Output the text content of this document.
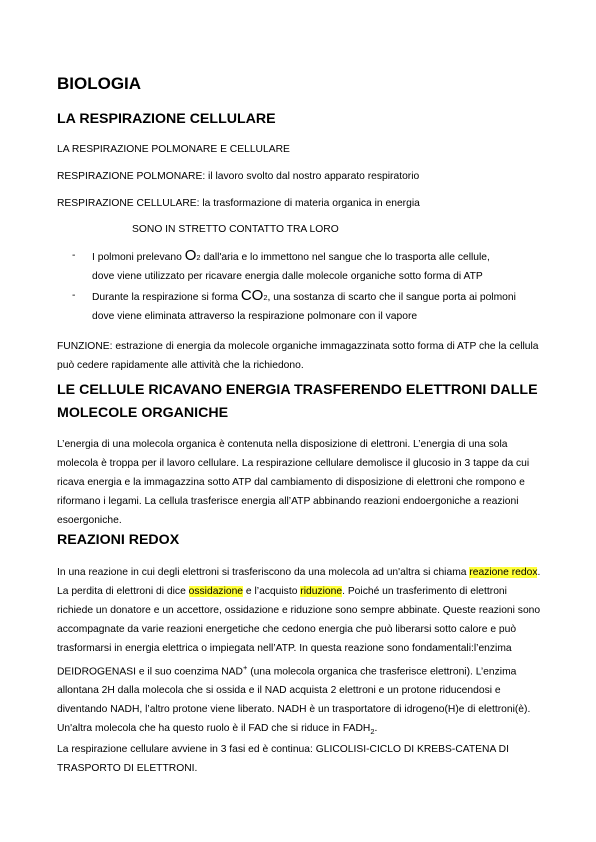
BIOLOGIA
LA RESPIRAZIONE CELLULARE
LA RESPIRAZIONE POLMONARE E CELLULARE
RESPIRAZIONE POLMONARE: il lavoro svolto dal nostro apparato respiratorio
RESPIRAZIONE CELLULARE: la trasformazione di materia organica in energia
SONO IN STRETTO CONTATTO TRA LORO
- I polmoni prelevano O2 dall'aria e lo immettono nel sangue che lo trasporta alle cellule,
dove viene utilizzato per ricavare energia dalle molecole organiche sotto forma di ATP
- Durante la respirazione si forma CO2, una sostanza di scarto che il sangue porta ai polmoni
dove viene eliminata attraverso la respirazione polmonare con il vapore

FUNZIONE: estrazione di energia da molecole organiche immagazzinata sotto forma di ATP che la cellula può cedere rapidamente alle attività che la richiedono.

LE CELLULE RICAVANO ENERGIA TRASFERENDO ELETTRONI DALLE
MOLECOLE ORGANICHE

L’energia di una molecola organica è contenuta nella disposizione di elettroni. L’energia di una sola molecola è troppa per il lavoro cellulare. La respirazione cellulare demolisce il glucosio in 3 tappe da cui ricava energia e la immagazzina sotto ATP dal cambiamento di disposizione di elettroni che rompono e riformano i legami. La cellula trasferisce energia all’ATP abbinando reazioni endoergoniche a reazioni esoergoniche.

REAZIONI REDOX

In una reazione in cui degli elettroni si trasferiscono da una molecola ad un'altra si chiama reazione redox. La perdita di elettroni di dice ossidazione e l’acquisto riduzione. Poiché un trasferimento di elettroni richiede un donatore e un accettore, ossidazione e riduzione sono sempre abbinate. Queste reazioni sono accompagnate da varie reazioni energetiche che cedono energia che può liberarsi sotto calore e può trasformarsi in energia elettrica o impiegata nell’ATP. In questa reazione sono fondamentali:l’enzima DEIDROGENASI e il suo coenzima NAD+ (una molecola organica che trasferisce elettroni). L’enzima allontana 2H dalla molecola che si ossida e il NAD acquista 2 elettroni e un protone riducendosi e diventando NADH, l’altro protone viene liberato. NADH è un trasportatore di idrogeno(H)e di elettroni(è). Un'altra molecola che ha questo ruolo è il FAD che si riduce in $FADH_2$.

La respirazione cellulare avviene in 3 fasi ed è continua: GLICOLISI-CICLO DI KREBS-CATENA DI TRASPORTO DI ELETTRONI.
